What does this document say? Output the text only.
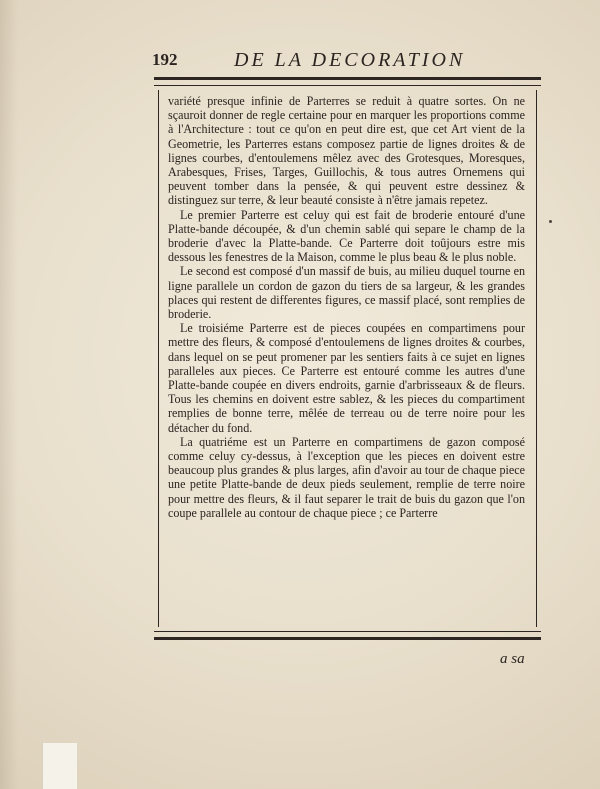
192	DE LA DECORATION

variété presque infinie de Parterres se reduit à quatre sortes. On ne sçauroit donner de regle certaine pour en marquer les proportions comme à l'Architecture : tout ce qu'on en peut dire est, que cet Art vient de la Geometrie, les Parterres estans composez partie de lignes droites & de lignes courbes, d'entoulemens mêlez avec des Grotesques, Moresques, Arabesques, Frises, Targes, Guillochis, & tous autres Ornemens qui peuvent tomber dans la pensée, & qui peuvent estre dessinez & distinguez sur terre, & leur beauté consiste à n'être jamais repetez.

Le premier Parterre est celuy qui est fait de broderie entouré d'une Platte-bande découpée, & d'un chemin sablé qui separe le champ de la broderie d'avec la Platte-bande. Ce Parterre doit toûjours estre mis dessous les fenestres de la Maison, comme le plus beau & le plus noble.

Le second est composé d'un massif de buis, au milieu duquel tourne en ligne parallele un cordon de gazon du tiers de sa largeur, & les grandes places qui restent de differentes figures, ce massif placé, sont remplies de broderie.

Le troisiéme Parterre est de pieces coupées en compartimens pour mettre des fleurs, & composé d'entoulemens de lignes droites & courbes, dans lequel on se peut promener par les sentiers faits à ce sujet en lignes paralleles aux pieces. Ce Parterre est entouré comme les autres d'une Platte-bande coupée en divers endroits, garnie d'arbrisseaux & de fleurs. Tous les chemins en doivent estre sablez, & les pieces du compartiment remplies de bonne terre, mêlée de terreau ou de terre noire pour les détacher du fond.

La quatriéme est un Parterre en compartimens de gazon composé comme celuy cy-dessus, à l'exception que les pieces en doivent estre beaucoup plus grandes & plus larges, afin d'avoir au tour de chaque piece une petite Platte-bande de deux pieds seulement, remplie de terre noire pour mettre des fleurs, & il faut separer le trait de buis du gazon que l'on coupe parallele au contour de chaque piece ; ce Parterre

a sa
